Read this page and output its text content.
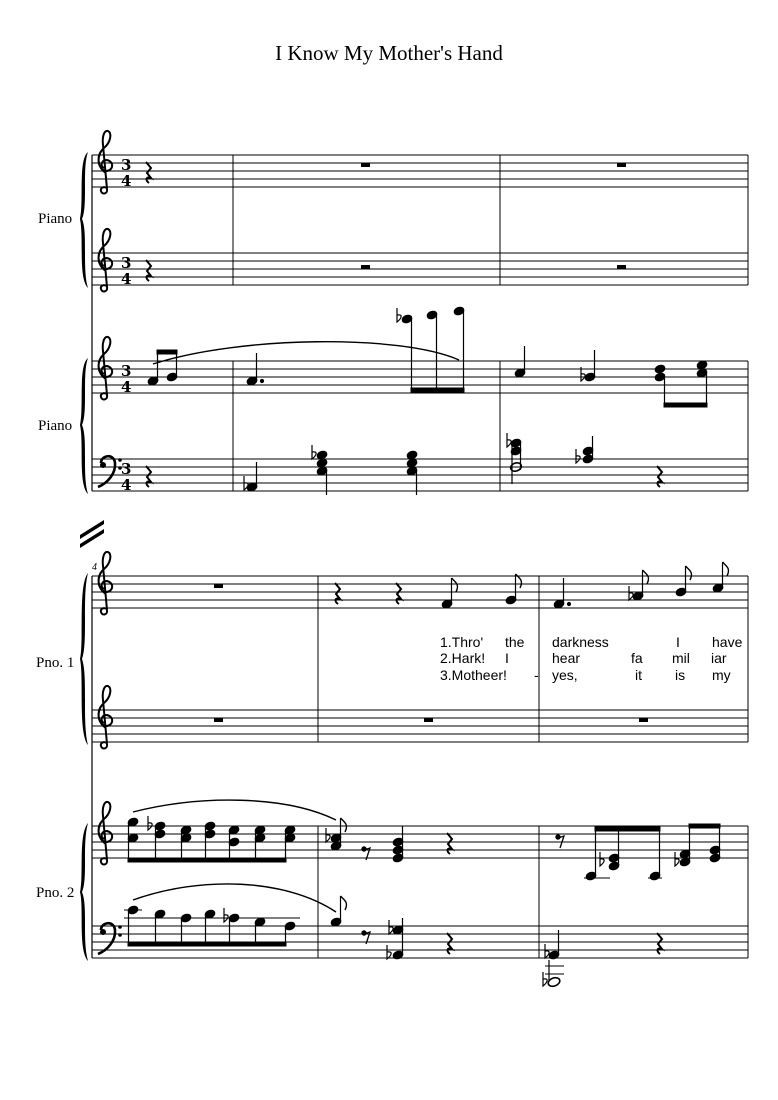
I Know My Mother's Hand
Piano
Piano
3
4
3
4
3
4
3
4
4
Pno. 1
Pno. 2
1.Thro' the darkness	I have
2.Hark! I	hear	fa mil iar
3.Motheer! - yes,	it is my
